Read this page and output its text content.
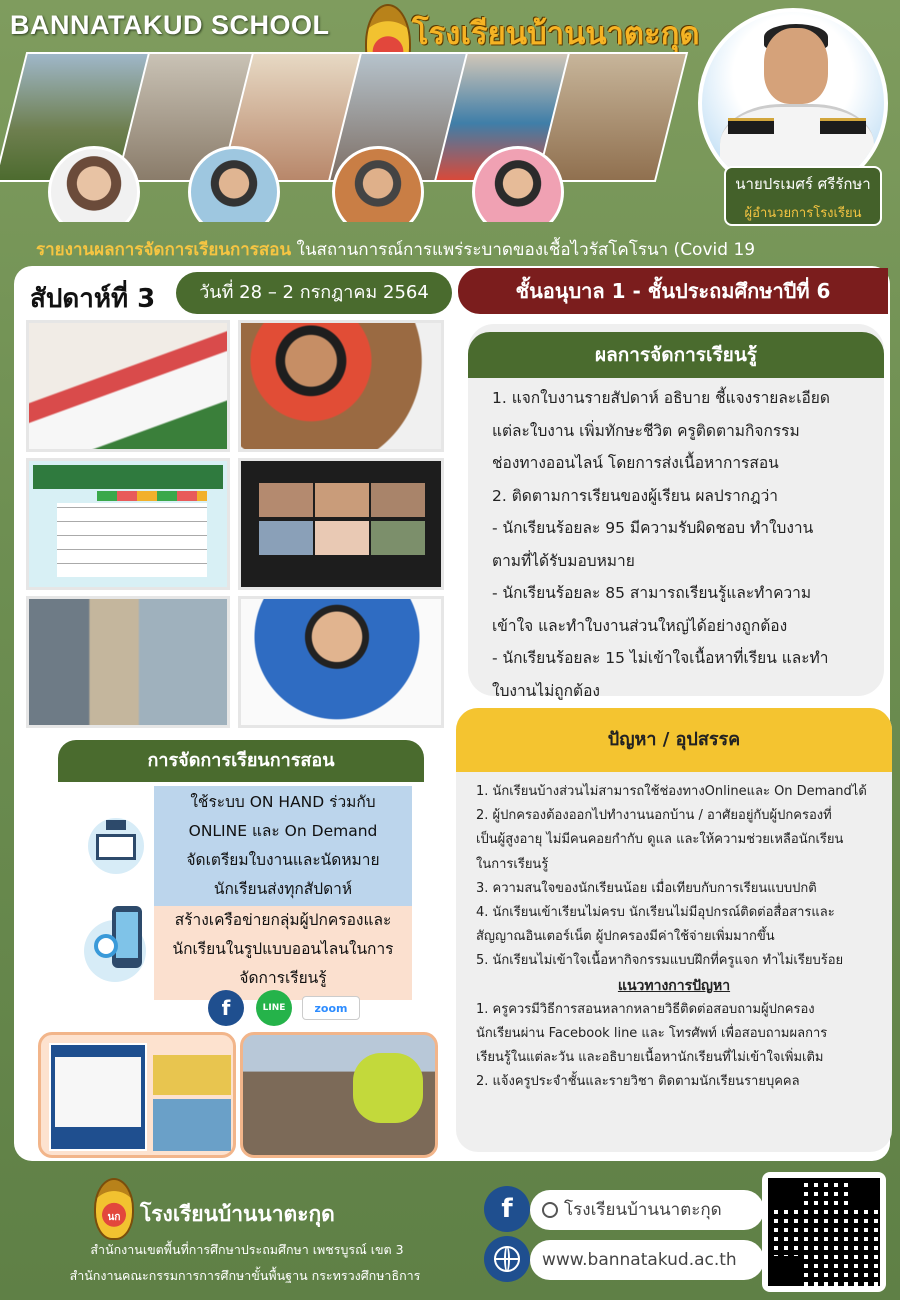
BANNATAKUD SCHOOL	โรงเรียนบ้านนาตะกุด
นายปรเมศร์ ศรีรักษา
ผู้อำนวยการโรงเรียน
รายงานผลการจัดการเรียนการสอน ในสถานการณ์การแพร่ระบาดของเชื้อไวรัสโคโรนา (Covid 19
สัปดาห์ที่ 3	วันที่ 28 – 2 กรกฎาคม 2564	ชั้นอนุบาล 1 - ชั้นประถมศึกษาปีที่ 6
ผลการจัดการเรียนรู้
1. แจกใบงานรายสัปดาห์ อธิบาย ชี้แจงรายละเอียด
แต่ละใบงาน เพิ่มทักษะชีวิต ครูติดตามกิจกรรม
ช่องทางออนไลน์ โดยการส่งเนื้อหาการสอน
2. ติดตามการเรียนของผู้เรียน ผลปรากฎว่า
- นักเรียนร้อยละ 95 มีความรับผิดชอบ ทำใบงาน
ตามที่ได้รับมอบหมาย
- นักเรียนร้อยละ 85 สามารถเรียนรู้และทำความ
เข้าใจ และทำใบงานส่วนใหญ่ได้อย่างถูกต้อง
- นักเรียนร้อยละ 15 ไม่เข้าใจเนื้อหาที่เรียน และทำ
ใบงานไม่ถูกต้อง
ปัญหา / อุปสรรค
1. นักเรียนบ้างส่วนไม่สามารถใช้ช่องทางOnlineและ On Demandได้
2. ผู้ปกครองต้องออกไปทำงานนอกบ้าน / อาศัยอยู่กับผู้ปกครองที่
เป็นผู้สูงอายุ ไม่มีคนคอยกำกับ ดูแล และให้ความช่วยเหลือนักเรียน
ในการเรียนรู้
3. ความสนใจของนักเรียนน้อย เมื่อเทียบกับการเรียนแบบปกติ
4. นักเรียนเข้าเรียนไม่ครบ นักเรียนไม่มีอุปกรณ์ติดต่อสื่อสารและ
สัญญาณอินเตอร์เน็ต ผู้ปกครองมีค่าใช้จ่ายเพิ่มมากขึ้น
5. นักเรียนไม่เข้าใจเนื้อหากิจกรรมแบบฝึกที่ครูแจก ทำไม่เรียบร้อย
แนวทางการปัญหา
1. ครูควรมีวิธีการสอนหลากหลายวิธีติดต่อสอบถามผู้ปกครอง
นักเรียนผ่าน Facebook line และ โทรศัพท์ เพื่อสอบถามผลการ
เรียนรู้ในแต่ละวัน และอธิบายเนื้อหานักเรียนที่ไม่เข้าใจเพิ่มเติม
2. แจ้งครูประจำชั้นและรายวิชา ติดตามนักเรียนรายบุคคล
การจัดการเรียนการสอน
ใช้ระบบ ON HAND ร่วมกับ
ONLINE และ On Demand
จัดเตรียมใบงานและนัดหมาย
นักเรียนส่งทุกสัปดาห์
สร้างเครือข่ายกลุ่มผู้ปกครองและ
นักเรียนในรูปแบบออนไลนในการ
จัดการเรียนรู้
f	LINE	zoom
นก โรงเรียนบ้านนาตะกุด
สำนักงานเขตพื้นที่การศึกษาประถมศึกษา เพชรบูรณ์ เขต 3
สำนักงานคณะกรรมการการศึกษาขั้นพื้นฐาน กระทรวงศึกษาธิการ
f	โรงเรียนบ้านนาตะกุด
www.bannatakud.ac.th
